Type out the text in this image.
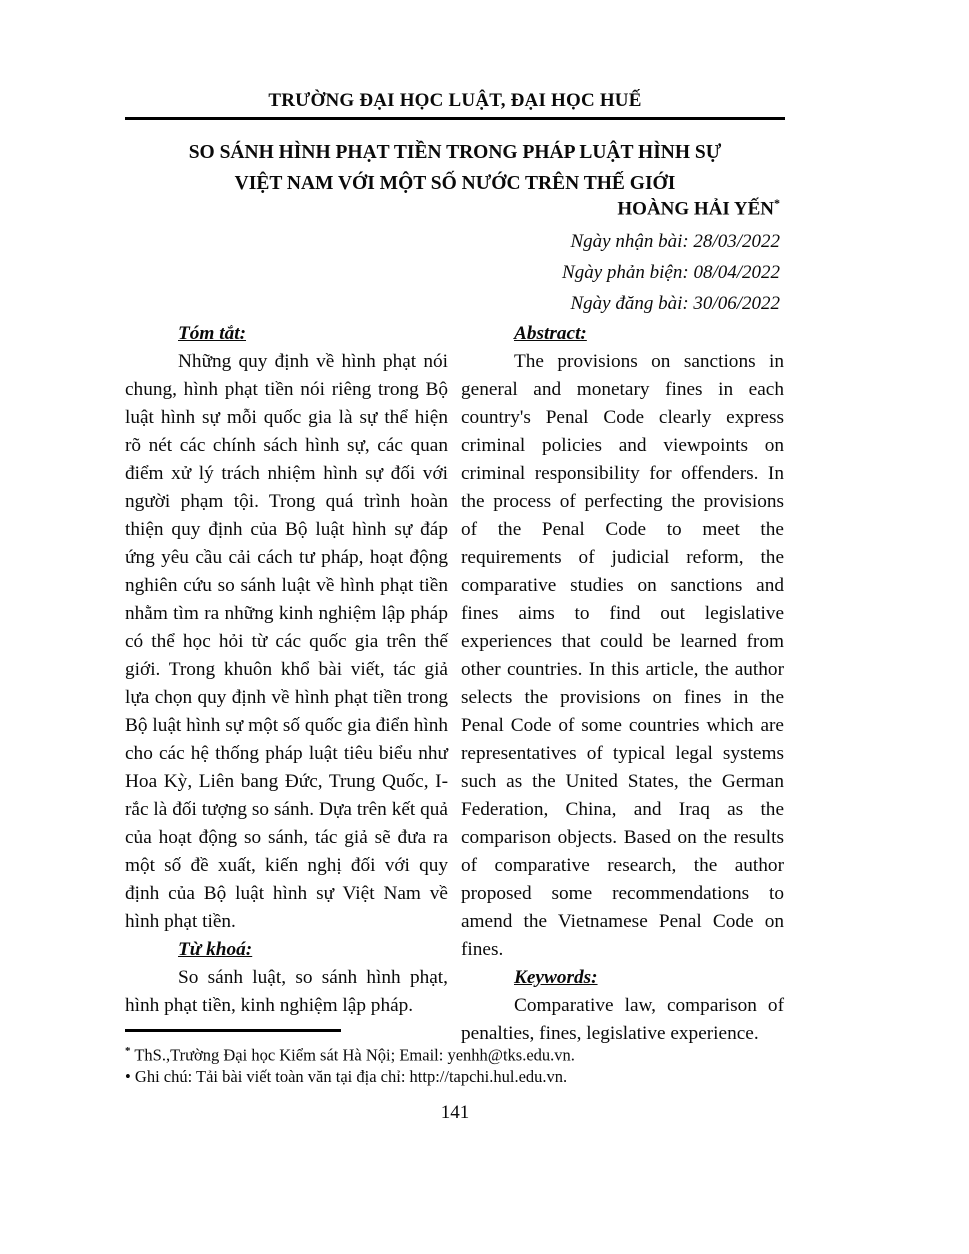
TRƯỜNG ĐẠI HỌC LUẬT, ĐẠI HỌC HUẾ
SO SÁNH HÌNH PHẠT TIỀN TRONG PHÁP LUẬT HÌNH SỰ
VIỆT NAM VỚI MỘT SỐ NƯỚC TRÊN THẾ GIỚI
HOÀNG HẢI YẾN*
Ngày nhận bài: 28/03/2022
Ngày phản biện: 08/04/2022
Ngày đăng bài: 30/06/2022
Tóm tắt:

Những quy định về hình phạt nói chung, hình phạt tiền nói riêng trong Bộ luật hình sự mỗi quốc gia là sự thể hiện rõ nét các chính sách hình sự, các quan điểm xử lý trách nhiệm hình sự đối với người phạm tội. Trong quá trình hoàn thiện quy định của Bộ luật hình sự đáp ứng yêu cầu cải cách tư pháp, hoạt động nghiên cứu so sánh luật về hình phạt tiền nhằm tìm ra những kinh nghiệm lập pháp có thể học hỏi từ các quốc gia trên thế giới. Trong khuôn khổ bài viết, tác giả lựa chọn quy định về hình phạt tiền trong Bộ luật hình sự một số quốc gia điển hình cho các hệ thống pháp luật tiêu biểu như Hoa Kỳ, Liên bang Đức, Trung Quốc, I-rắc là đối tượng so sánh. Dựa trên kết quả của hoạt động so sánh, tác giả sẽ đưa ra một số đề xuất, kiến nghị đối với quy định của Bộ luật hình sự Việt Nam về hình phạt tiền.

Từ khoá:

So sánh luật, so sánh hình phạt, hình phạt tiền, kinh nghiệm lập pháp.

Abstract:

The provisions on sanctions in general and monetary fines in each country's Penal Code clearly express criminal policies and viewpoints on criminal responsibility for offenders. In the process of perfecting the provisions of the Penal Code to meet the requirements of judicial reform, the comparative studies on sanctions and fines aims to find out legislative experiences that could be learned from other countries. In this article, the author selects the provisions on fines in the Penal Code of some countries which are representatives of typical legal systems such as the United States, the German Federation, China, and Iraq as the comparison objects. Based on the results of comparative research, the author proposed some recommendations to amend the Vietnamese Penal Code on fines.

Keywords:

Comparative law, comparison of penalties, fines, legislative experience.

* ThS.,Trường Đại học Kiểm sát Hà Nội; Email: yenhh@tks.edu.vn.
• Ghi chú: Tải bài viết toàn văn tại địa chỉ: http://tapchi.hul.edu.vn.
141
